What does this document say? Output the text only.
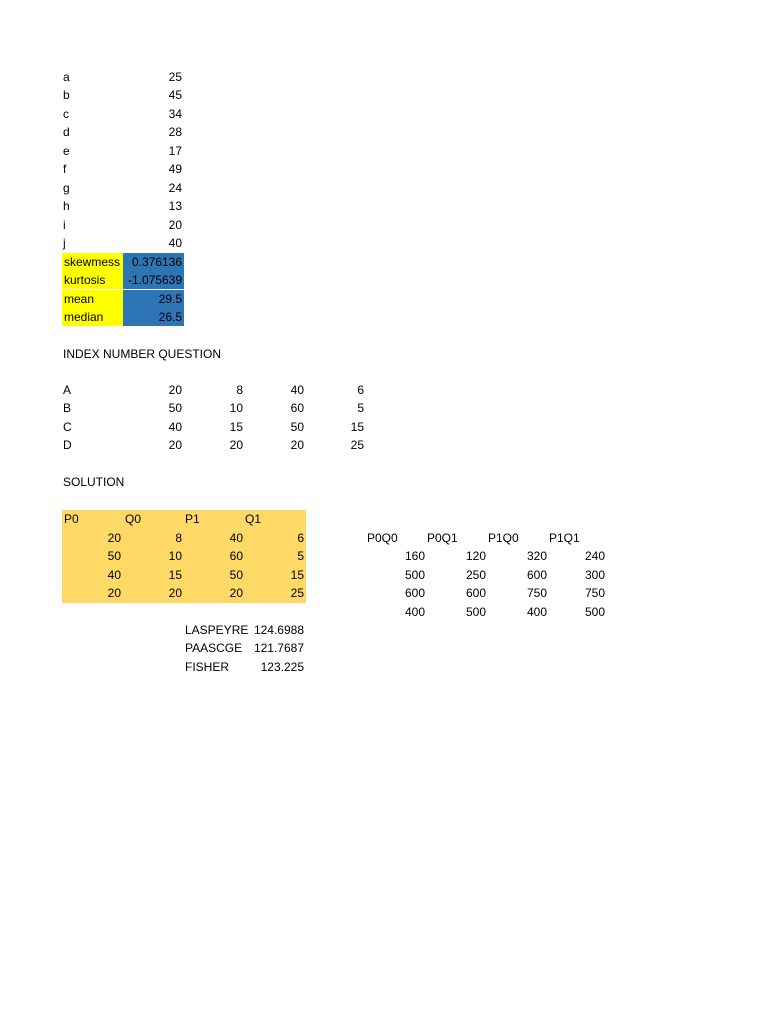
a	25
b	45
c	34
d	28
e	17
f	49
g	24
h	13
i	20
j	40
skewmess 0.376136
kurtosis	-1.075639
mean	29.5
median	26.5
INDEX NUMBER QUESTION
A	20	8	40	6
B	50	10	60	5
C	40	15	50	15
D	20	20	20	25
SOLUTION
P0	Q0	P1	Q1
20	8	40	6
50	10	60	5
40	15	50	15
20	20	20	25
P0Q0	P0Q1	P1Q0	P1Q1
160	120	320	240
500	250	600	300
600	600	750	750
400	500	400	500
LASPEYRE 124.6988
PAASCGE 121.7687
FISHER	123.225
